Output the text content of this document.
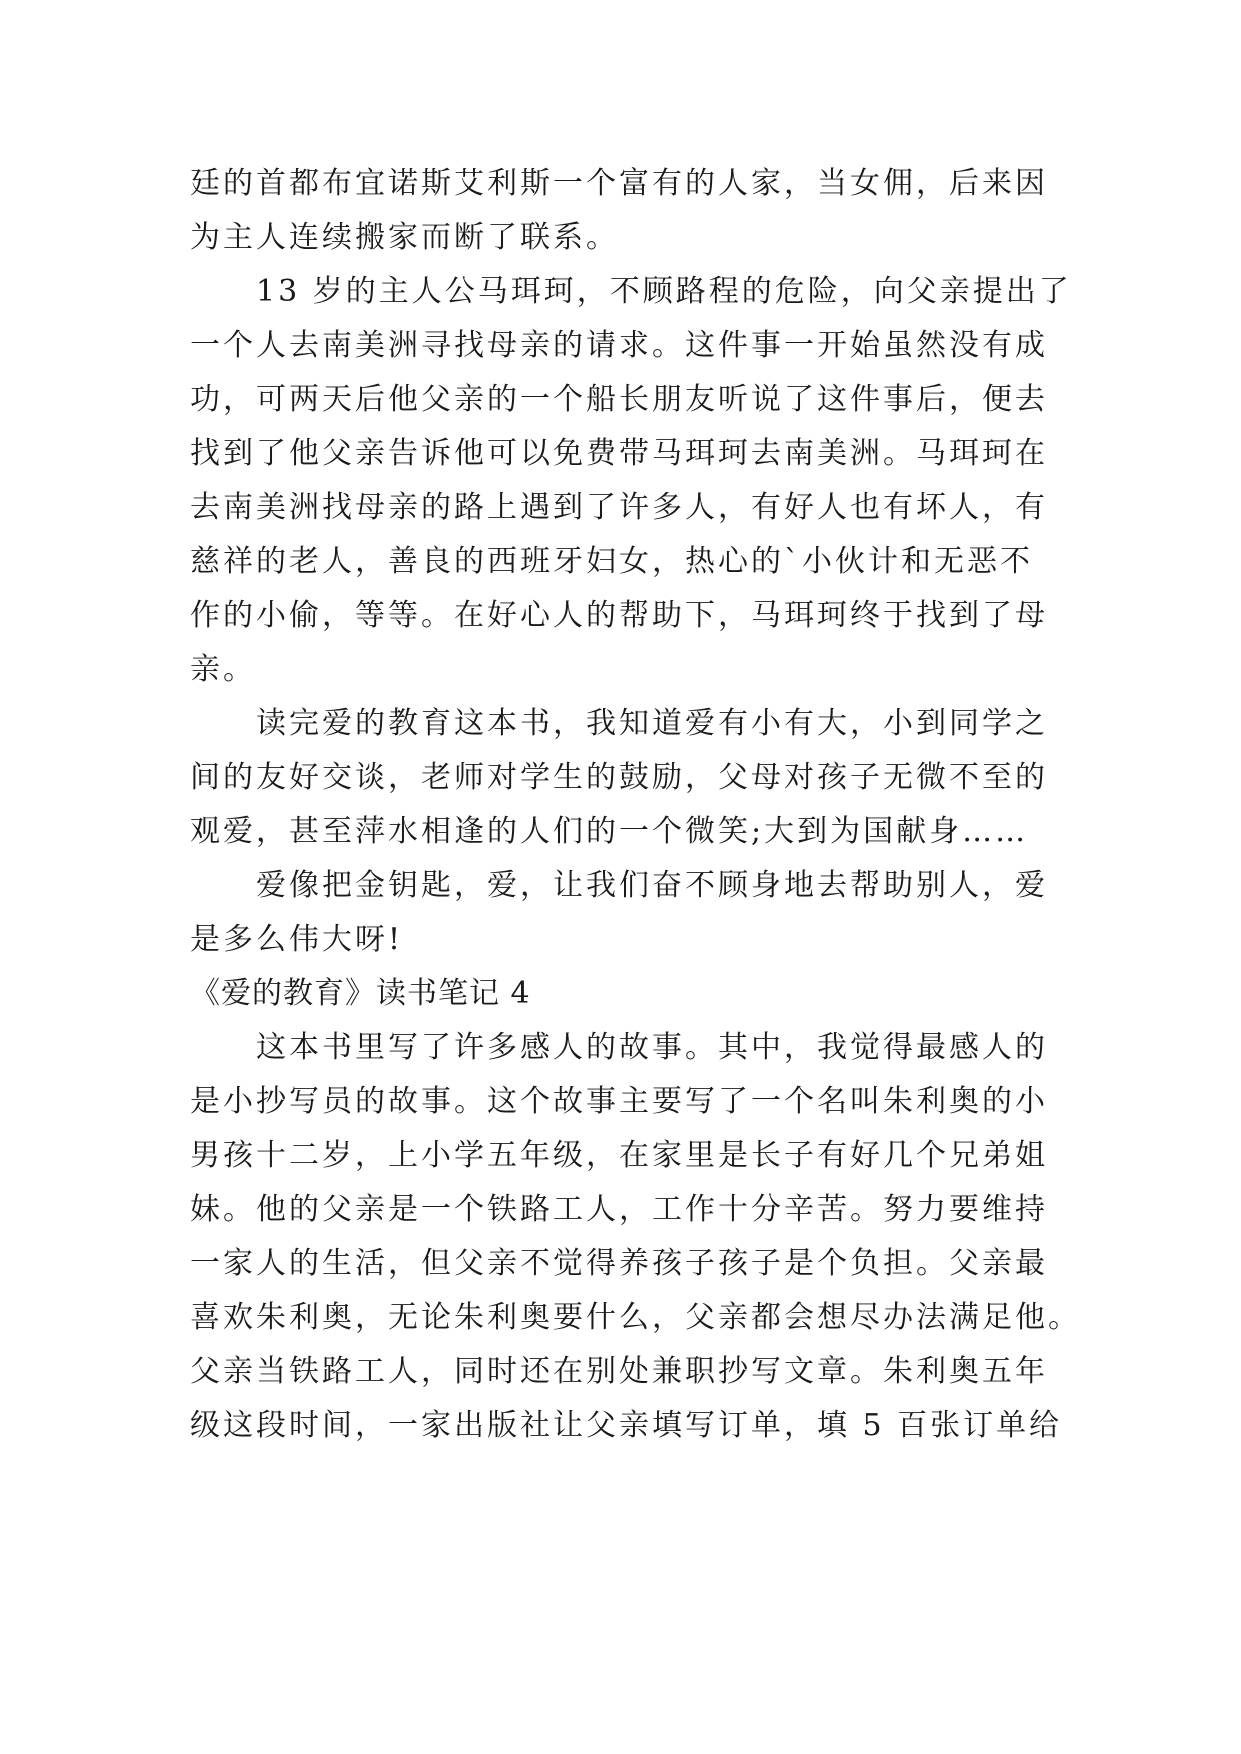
廷的首都布宜诺斯艾利斯一个富有的人家，当女佣，后来因
为主人连续搬家而断了联系。
13 岁的主人公马珥珂，不顾路程的危险，向父亲提出了
一个人去南美洲寻找母亲的请求。这件事一开始虽然没有成
功，可两天后他父亲的一个船长朋友听说了这件事后，便去
找到了他父亲告诉他可以免费带马珥珂去南美洲。马珥珂在
去南美洲找母亲的路上遇到了许多人，有好人也有坏人，有
慈祥的老人，善良的西班牙妇女，热心的`小伙计和无恶不
作的小偷，等等。在好心人的帮助下，马珥珂终于找到了母
亲。
读完爱的教育这本书，我知道爱有小有大，小到同学之
间的友好交谈，老师对学生的鼓励，父母对孩子无微不至的
观爱，甚至萍水相逢的人们的一个微笑;大到为国献身……
爱像把金钥匙，爱，让我们奋不顾身地去帮助别人，爱
是多么伟大呀!
《爱的教育》读书笔记 4
这本书里写了许多感人的故事。其中，我觉得最感人的
是小抄写员的故事。这个故事主要写了一个名叫朱利奥的小
男孩十二岁，上小学五年级，在家里是长子有好几个兄弟姐
妹。他的父亲是一个铁路工人，工作十分辛苦。努力要维持
一家人的生活，但父亲不觉得养孩子孩子是个负担。父亲最
喜欢朱利奥，无论朱利奥要什么，父亲都会想尽办法满足他。
父亲当铁路工人，同时还在别处兼职抄写文章。朱利奥五年
级这段时间，一家出版社让父亲填写订单，填 5 百张订单给
